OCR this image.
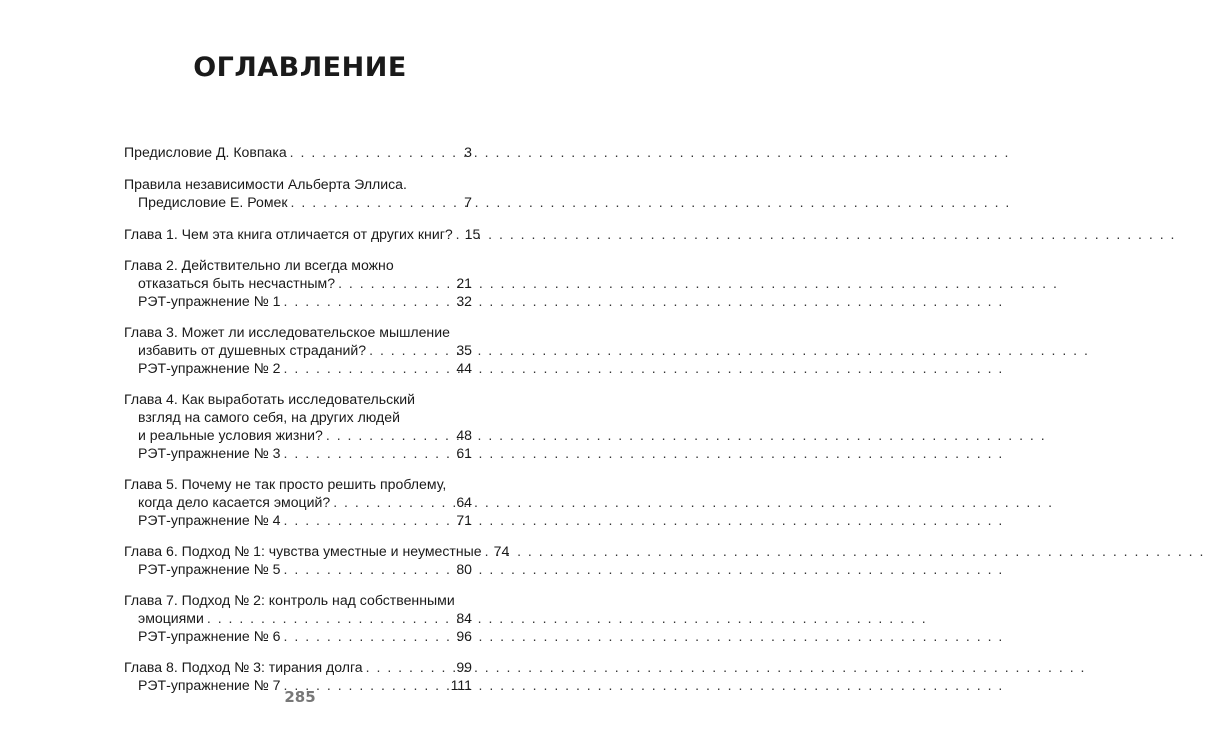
ОГЛАВЛЕНИЕ
Предисловие Д. Ковпака . . .	3
Правила независимости Альберта Эллиса.
Предисловие Е. Ромек . . .	7
Глава 1. Чем эта книга отличается от других книг? . . . 15
Глава 2. Действительно ли всегда можно
отказаться быть несчастным? . . .	21
РЭТ-упражнение № 1 . . .	32
Глава 3. Может ли исследовательское мышление
избавить от душевных страданий? . . .	35
РЭТ-упражнение № 2 . . .	44
Глава 4. Как выработать исследовательский
взгляд на самого себя, на других людей
и реальные условия жизни? . . .	48
РЭТ-упражнение № 3 . . .	61
Глава 5. Почему не так просто решить проблему,
когда дело касается эмоций? . . .	64
РЭТ-упражнение № 4 . . .	71
Глава 6. Подход № 1: чувства уместные и неуместные . . . 74
РЭТ-упражнение № 5 . . .	80
Глава 7. Подход № 2: контроль над собственными
эмоциями . . .	84
РЭТ-упражнение № 6 . . .	96
Глава 8. Подход № 3: тирания долга . . .	99
РЭТ-упражнение № 7 . . .	111
285
